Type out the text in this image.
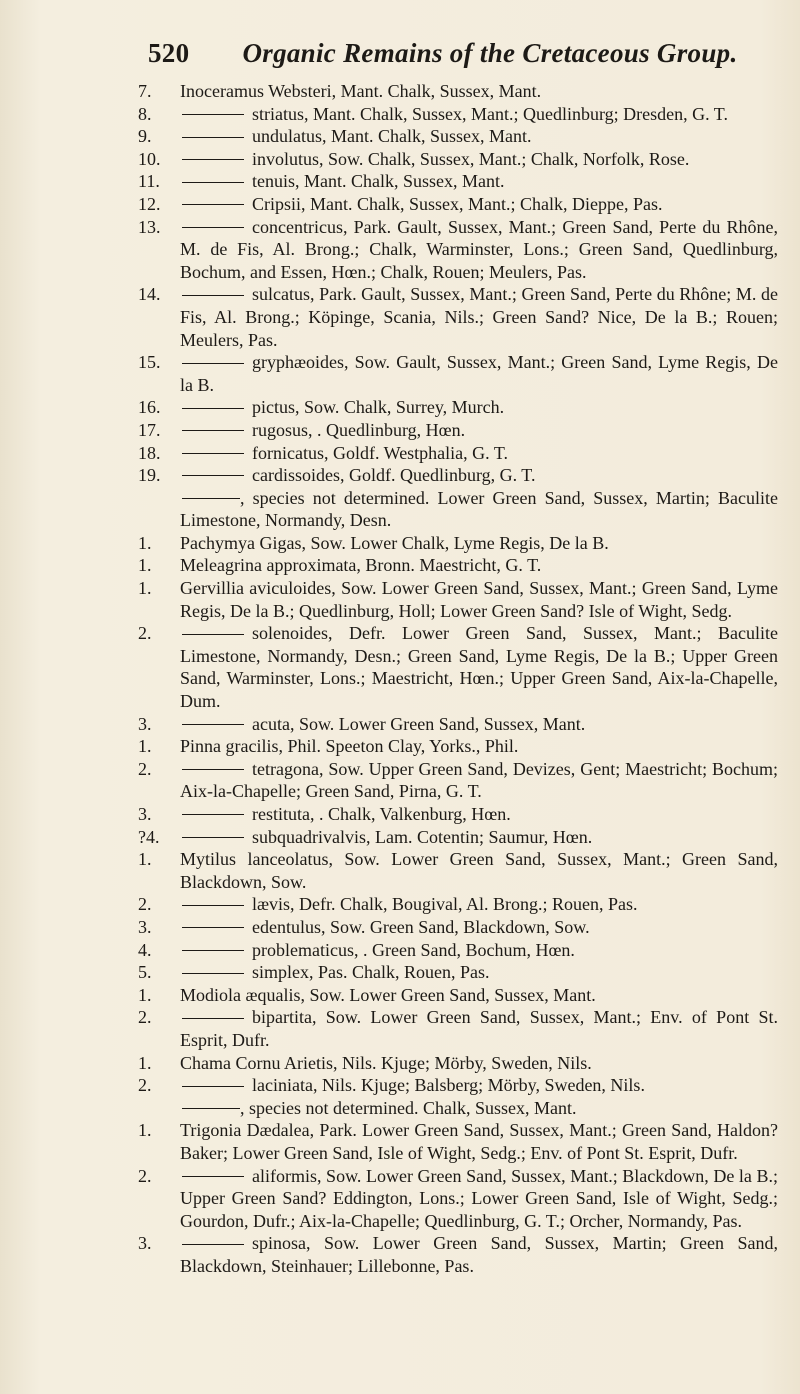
520 Organic Remains of the Cretaceous Group.
7.	Inoceramus Websteri, Mant. Chalk, Sussex, Mant.
8.	striatus, Mant. Chalk, Sussex, Mant.; Quedlinburg; Dresden, G. T.
9.	undulatus, Mant. Chalk, Sussex, Mant.
10.	involutus, Sow. Chalk, Sussex, Mant.; Chalk, Norfolk, Rose.
11.	tenuis, Mant. Chalk, Sussex, Mant.
12.	Cripsii, Mant. Chalk, Sussex, Mant.; Chalk, Dieppe, Pas.
13.	concentricus, Park. Gault, Sussex, Mant.; Green Sand, Perte du Rhône, M. de Fis, Al. Brong.; Chalk, Warminster, Lons.; Green Sand, Quedlinburg, Bochum, and Essen, Hœn.; Chalk, Rouen; Meulers, Pas.
14.	sulcatus, Park. Gault, Sussex, Mant.; Green Sand, Perte du Rhône; M. de Fis, Al. Brong.; Köpinge, Scania, Nils.; Green Sand? Nice, De la B.; Rouen; Meulers, Pas.
15.	gryphæoides, Sow. Gault, Sussex, Mant.; Green Sand, Lyme Regis, De la B.
16.	pictus, Sow. Chalk, Surrey, Murch.
17.	rugosus, . Quedlinburg, Hœn.
18.	fornicatus, Goldf. Westphalia, G. T.
19.	cardissoides, Goldf. Quedlinburg, G. T.
, species not determined. Lower Green Sand, Sussex, Martin; Baculite Limestone, Normandy, Desn.
1.	Pachymya Gigas, Sow. Lower Chalk, Lyme Regis, De la B.
1.	Meleagrina approximata, Bronn. Maestricht, G. T.
1.	Gervillia aviculoides, Sow. Lower Green Sand, Sussex, Mant.; Green Sand, Lyme Regis, De la B.; Quedlinburg, Holl; Lower Green Sand? Isle of Wight, Sedg.
2.	solenoides, Defr. Lower Green Sand, Sussex, Mant.; Baculite Limestone, Normandy, Desn.; Green Sand, Lyme Regis, De la B.; Upper Green Sand, Warminster, Lons.; Maestricht, Hœn.; Upper Green Sand, Aix-la-Chapelle, Dum.
3.	acuta, Sow. Lower Green Sand, Sussex, Mant.
1.	Pinna gracilis, Phil. Speeton Clay, Yorks., Phil.
2.	tetragona, Sow. Upper Green Sand, Devizes, Gent; Maestricht; Bochum; Aix-la-Chapelle; Green Sand, Pirna, G. T.
3.	restituta, . Chalk, Valkenburg, Hœn.
?4.	subquadrivalvis, Lam. Cotentin; Saumur, Hœn.
1.	Mytilus lanceolatus, Sow. Lower Green Sand, Sussex, Mant.; Green Sand, Blackdown, Sow.
2.	lævis, Defr. Chalk, Bougival, Al. Brong.; Rouen, Pas.
3.	edentulus, Sow. Green Sand, Blackdown, Sow.
4.	problematicus, . Green Sand, Bochum, Hœn.
5.	simplex, Pas. Chalk, Rouen, Pas.
1.	Modiola æqualis, Sow. Lower Green Sand, Sussex, Mant.
2.	bipartita, Sow. Lower Green Sand, Sussex, Mant.; Env. of Pont St. Esprit, Dufr.
1.	Chama Cornu Arietis, Nils. Kjuge; Mörby, Sweden, Nils.
2.	laciniata, Nils. Kjuge; Balsberg; Mörby, Sweden, Nils.
, species not determined. Chalk, Sussex, Mant.
1.	Trigonia Dædalea, Park. Lower Green Sand, Sussex, Mant.; Green Sand, Haldon? Baker; Lower Green Sand, Isle of Wight, Sedg.; Env. of Pont St. Esprit, Dufr.
2.	aliformis, Sow. Lower Green Sand, Sussex, Mant.; Blackdown, De la B.; Upper Green Sand? Eddington, Lons.; Lower Green Sand, Isle of Wight, Sedg.; Gourdon, Dufr.; Aix-la-Chapelle; Quedlinburg, G. T.; Orcher, Normandy, Pas.
3.	spinosa, Sow. Lower Green Sand, Sussex, Martin; Green Sand, Blackdown, Steinhauer; Lillebonne, Pas.
